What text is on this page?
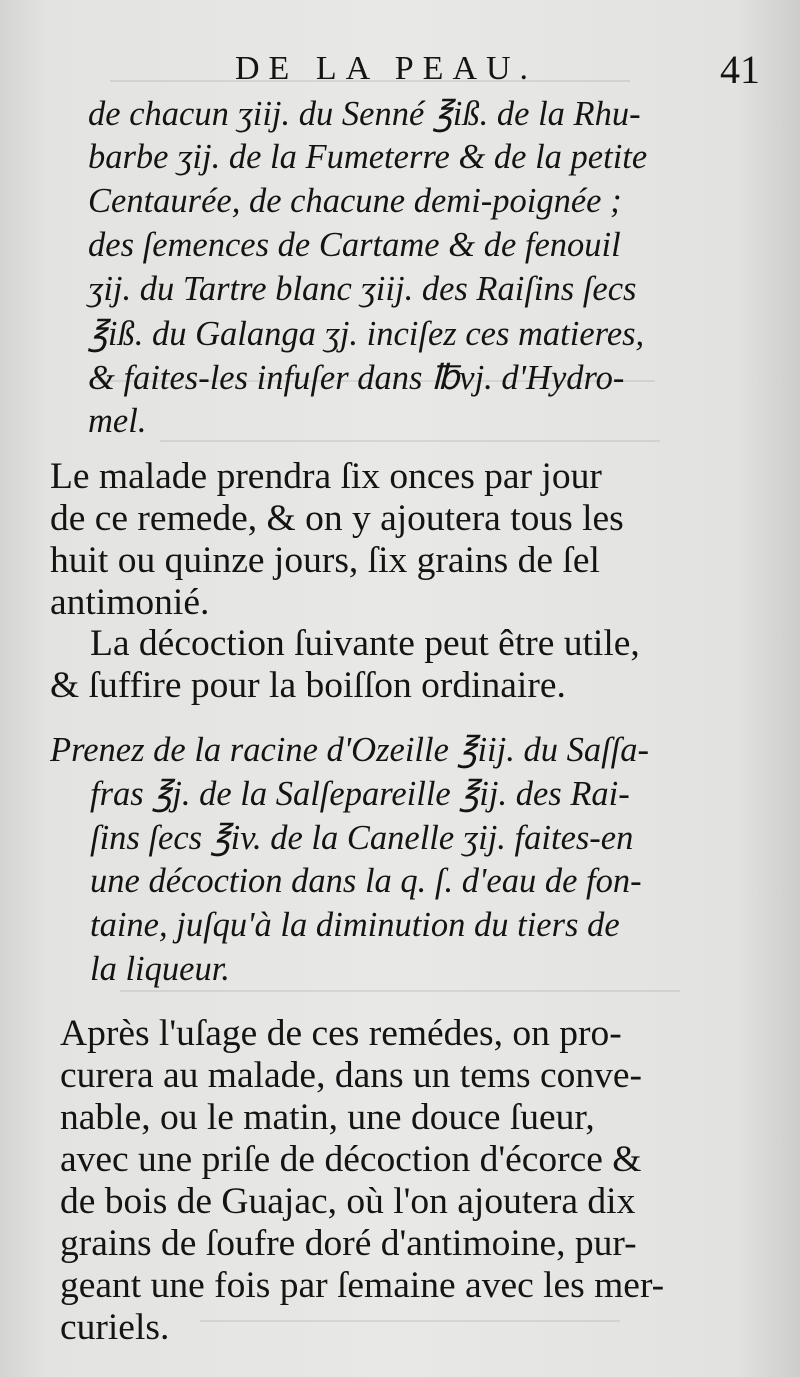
DE LA PEAU.	41
de chacun ʒiij. du Senné ℥iß. de la Rhu-
barbe ʒij. de la Fumeterre & de la petite
Centaurée, de chacune demi-poignée ;
des ſemences de Cartame & de fenouil
ʒij. du Tartre blanc ʒiij. des Raiſins ſecs
℥iß. du Galanga ʒj. inciſez ces matieres,
& faites-les infuſer dans ℔vj. d'Hydro-
mel.
Le malade prendra ſix onces par jour
de ce remede, & on y ajoutera tous les
huit ou quinze jours, ſix grains de ſel
antimonié.
La décoction ſuivante peut être utile,
& ſuffire pour la boiſſon ordinaire.
Prenez de la racine d'Ozeille ℥iij. du Saſſa-
fras ℥j. de la Salſepareille ℥ij. des Rai-
ſins ſecs ℥iv. de la Canelle ʒij. faites-en
une décoction dans la q. ſ. d'eau de fon-
taine, juſqu'à la diminution du tiers de
la liqueur.
Après l'uſage de ces remédes, on pro-
curera au malade, dans un tems conve-
nable, ou le matin, une douce ſueur,
avec une priſe de décoction d'écorce &
de bois de Guajac, où l'on ajoutera dix
grains de ſoufre doré d'antimoine, pur-
geant une fois par ſemaine avec les mer-
curiels.
